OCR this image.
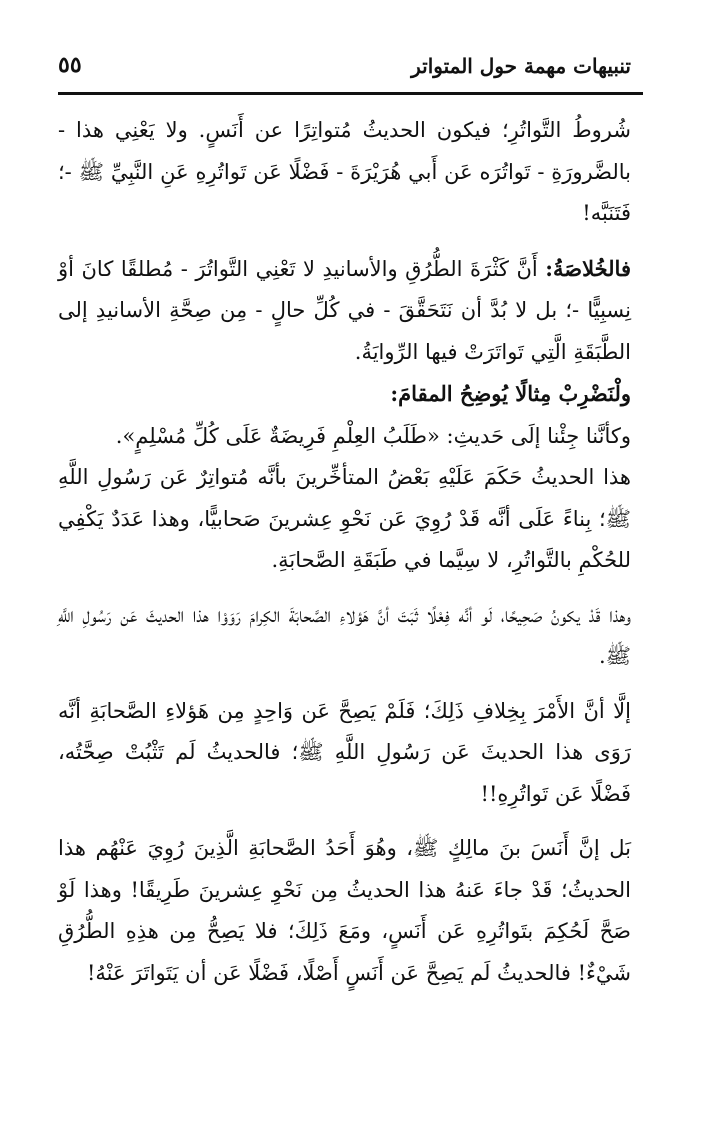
تنبيهات مهمة حول المتواتر
٥٥

شُروطُ التَّواتُرِ؛ فيكون الحديثُ مُتواتِرًا عن أَنَسٍ. ولا يَعْنِي هذا - بالضَّرورَةِ - تَواتُرَه عَن أَبي هُرَيْرَةَ - فَضْلًا عَن تَواتُرِهِ عَنِ النَّبِيِّ ﷺ -؛ فَتَنَبَّه!

فالخُلاصَةُ: أَنَّ كَثْرَةَ الطُّرُقِ والأسانيدِ لا تَعْنِي التَّواتُرَ - مُطلقًا كانَ أوْ نِسبِيًّا -؛ بل لا بُدَّ أن نَتَحَقَّقَ - في كُلِّ حالٍ - مِن صِحَّةِ الأسانيدِ إلى الطَّبَقَةِ الَّتِي تَواتَرَتْ فيها الرِّوايَةُ.

ولْنَضْرِبْ مِثالًا يُوضِحُ المقامَ:

وكأنَّنا جِئْنا إلَى حَديثِ: «طَلَبُ العِلْمِ فَرِيضَةٌ عَلَى كُلِّ مُسْلِمٍ».

هذا الحديثُ حَكَمَ عَلَيْهِ بَعْضُ المتأخِّرينَ بأنَّه مُتواتِرٌ عَن رَسُولِ اللَّهِ ﷺ؛ بِناءً عَلَى أنَّه قَدْ رُوِيَ عَن نَحْوِ عِشرينَ صَحابيًّا، وهذا عَدَدٌ يَكْفِي للحُكْمِ بالتَّواتُرِ، لا سِيَّما في طَبَقَةِ الصَّحابَةِ.

وهذا قَدْ يكونُ صَحِيحًا، لَو أنَّه فِعْلًا ثَبَتَ أنَّ هَؤلاءِ الصَّحابَةَ الكِرامَ رَوَوْا هذا الحديثَ عَن رَسُولِ اللَّهِ ﷺ.

إلَّا أنَّ الأَمْرَ بِخِلافِ ذَلِكَ؛ فَلَمْ يَصِحَّ عَن وَاحِدٍ مِن هَؤلاءِ الصَّحابَةِ أنَّه رَوَى هذا الحديثَ عَن رَسُولِ اللَّهِ ﷺ؛ فالحديثُ لَم تَثْبُتْ صِحَّتُه، فَضْلًا عَن تَواتُرِهِ!!

بَل إنَّ أَنَسَ بنَ مالِكٍ ﷺ، وهُوَ أَحَدُ الصَّحابَةِ الَّذِينَ رُوِيَ عَنْهُم هذا الحديثُ؛ قَدْ جاءَ عَنهُ هذا الحديثُ مِن نَحْوِ عِشرينَ طَرِيقًا! وهذا لَوْ صَحَّ لَحُكِمَ بتَواتُرِهِ عَن أَنَسٍ، ومَعَ ذَلِكَ؛ فلا يَصِحُّ مِن هذِهِ الطُّرُقِ شَيْءٌ! فالحديثُ لَم يَصِحَّ عَن أَنَسٍ أَصْلًا، فَضْلًا عَن أن يَتَواتَرَ عَنْهُ!
